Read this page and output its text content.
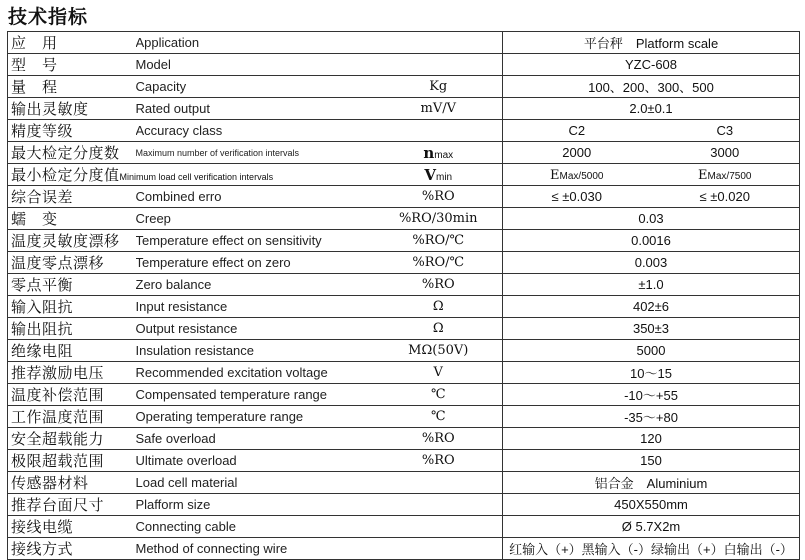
技术指标
应　用	Application		平台秤　Platform scale	
型　号	Model		YZC-608	
量　程	Capacity	Kg	100、200、300、500	
输出灵敏度	Rated output	mV/V	2.0±0.1	
精度等级	Accuracy class		C2	C3
最大检定分度数	Maximum number of verification intervals	nmax	2000	3000
最小检定分度值Minimum load cell verification intervals		Vmin	EMax/5000	EMax/7500
综合误差	Combined erro	%RO	≤ ±0.030	≤ ±0.020
蠕　变	Creep	%RO/30min	0.03	
温度灵敏度漂移	Temperature effect on sensitivity	%RO/℃	0.0016	
温度零点漂移	Temperature effect on zero	%RO/℃	0.003	
零点平衡	Zero balance	%RO	±1.0	
输入阻抗	Input resistance	Ω	402±6	
输出阻抗	Output resistance	Ω	350±3	
绝缘电阻	Insulation resistance	MΩ(50V)	5000	
推荐激励电压	Recommended excitation voltage	V	10～15	
温度补偿范围	Compensated temperature range	℃	-10～+55	
工作温度范围	Operating temperature range	℃	-35～+80	
安全超载能力	Safe overload	%RO	120	
极限超载范围	Ultimate overload	%RO	150	
传感器材料	Load cell material		铝合金　Aluminium	
推荐台面尺寸	Plafform size		450X550mm	
接线电缆	Connecting cable		Ø 5.7X2m	
接线方式	Method of connecting wire		红输入（+）黑输入（-）绿输出（+）白输出（-）	
